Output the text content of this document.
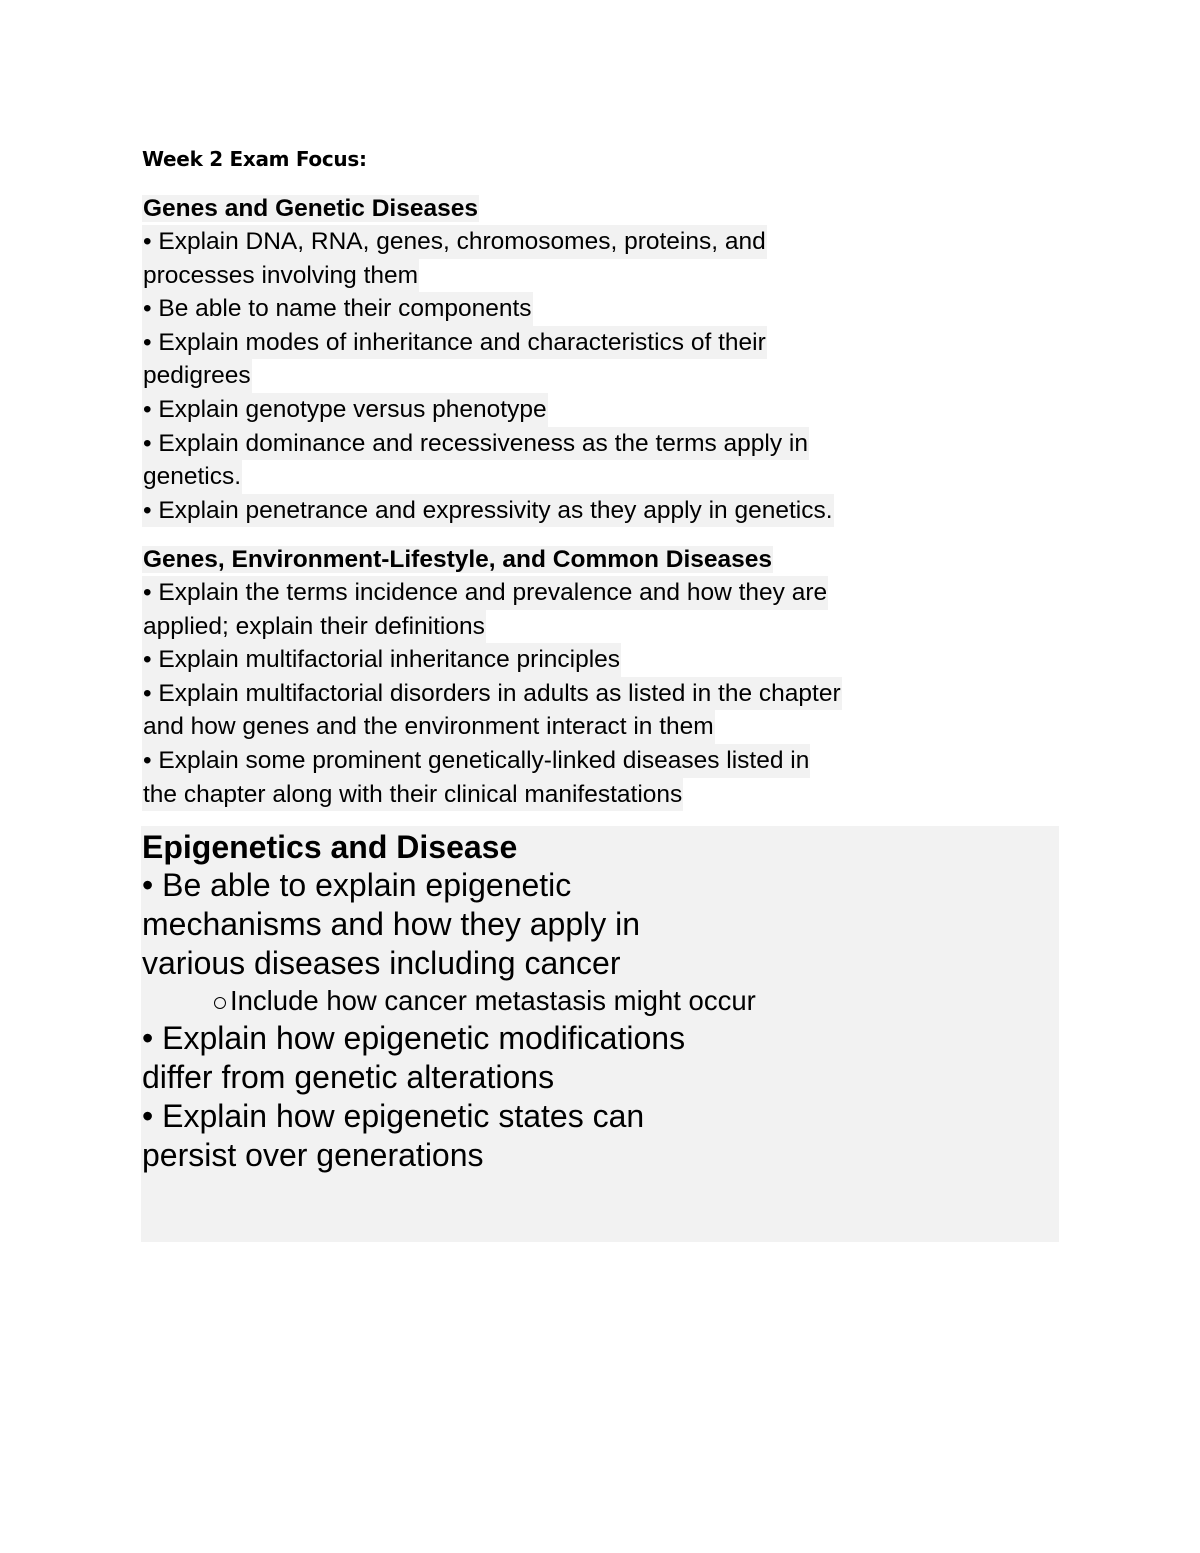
Week 2 Exam Focus:
Genes and Genetic Diseases
• Explain DNA, RNA, genes, chromosomes, proteins, and
processes involving them
• Be able to name their components
• Explain modes of inheritance and characteristics of their
pedigrees
• Explain genotype versus phenotype
• Explain dominance and recessiveness as the terms apply in
genetics.
• Explain penetrance and expressivity as they apply in genetics.
Genes, Environment-Lifestyle, and Common Diseases
• Explain the terms incidence and prevalence and how they are
applied; explain their definitions
• Explain multifactorial inheritance principles
• Explain multifactorial disorders in adults as listed in the chapter
and how genes and the environment interact in them
• Explain some prominent genetically-linked diseases listed in
the chapter along with their clinical manifestations
Epigenetics and Disease
• Be able to explain epigenetic
mechanisms and how they apply in
various diseases including cancer
Include how cancer metastasis might occur
• Explain how epigenetic modifications
differ from genetic alterations
• Explain how epigenetic states can
persist over generations
